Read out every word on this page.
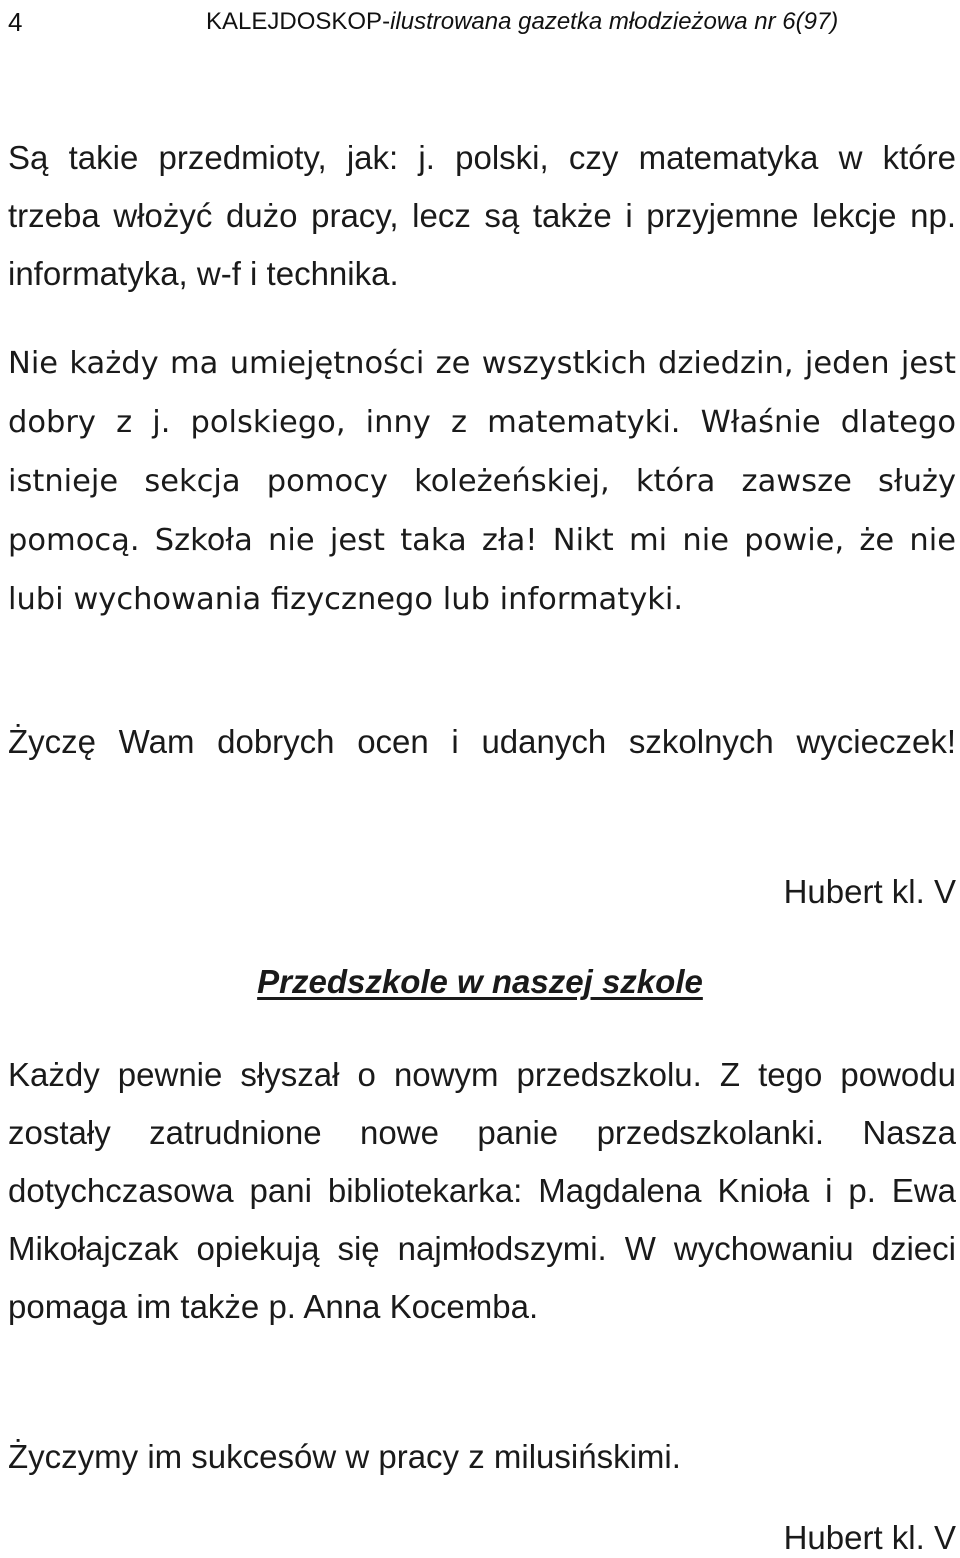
4	KALEJDOSKOP-ilustrowana gazetka młodzieżowa nr 6(97)

Są takie przedmioty, jak: j. polski, czy matematyka w które trzeba włożyć dużo pracy, lecz są także i przyjemne lekcje np. informatyka, w-f i technika.

Nie każdy ma umiejętności ze wszystkich dziedzin, jeden jest dobry z j. polskiego, inny z matematyki. Właśnie dlatego istnieje sekcja pomocy koleżeńskiej, która zawsze służy pomocą. Szkoła nie jest taka zła! Nikt mi nie powie, że nie lubi wychowania fizycznego lub informatyki.

Życzę Wam dobrych ocen i udanych szkolnych wycieczek!

Hubert kl. V
Przedszkole w naszej szkole

Każdy pewnie słyszał o nowym przedszkolu. Z tego powodu zostały zatrudnione nowe panie przedszkolanki. Nasza dotychczasowa pani bibliotekarka: Magdalena Knioła i p. Ewa Mikołajczak opiekują się najmłodszymi. W wychowaniu dzieci pomaga im także p. Anna Kocemba.

Życzymy im sukcesów w pracy z milusińskimi.

Hubert kl. V
